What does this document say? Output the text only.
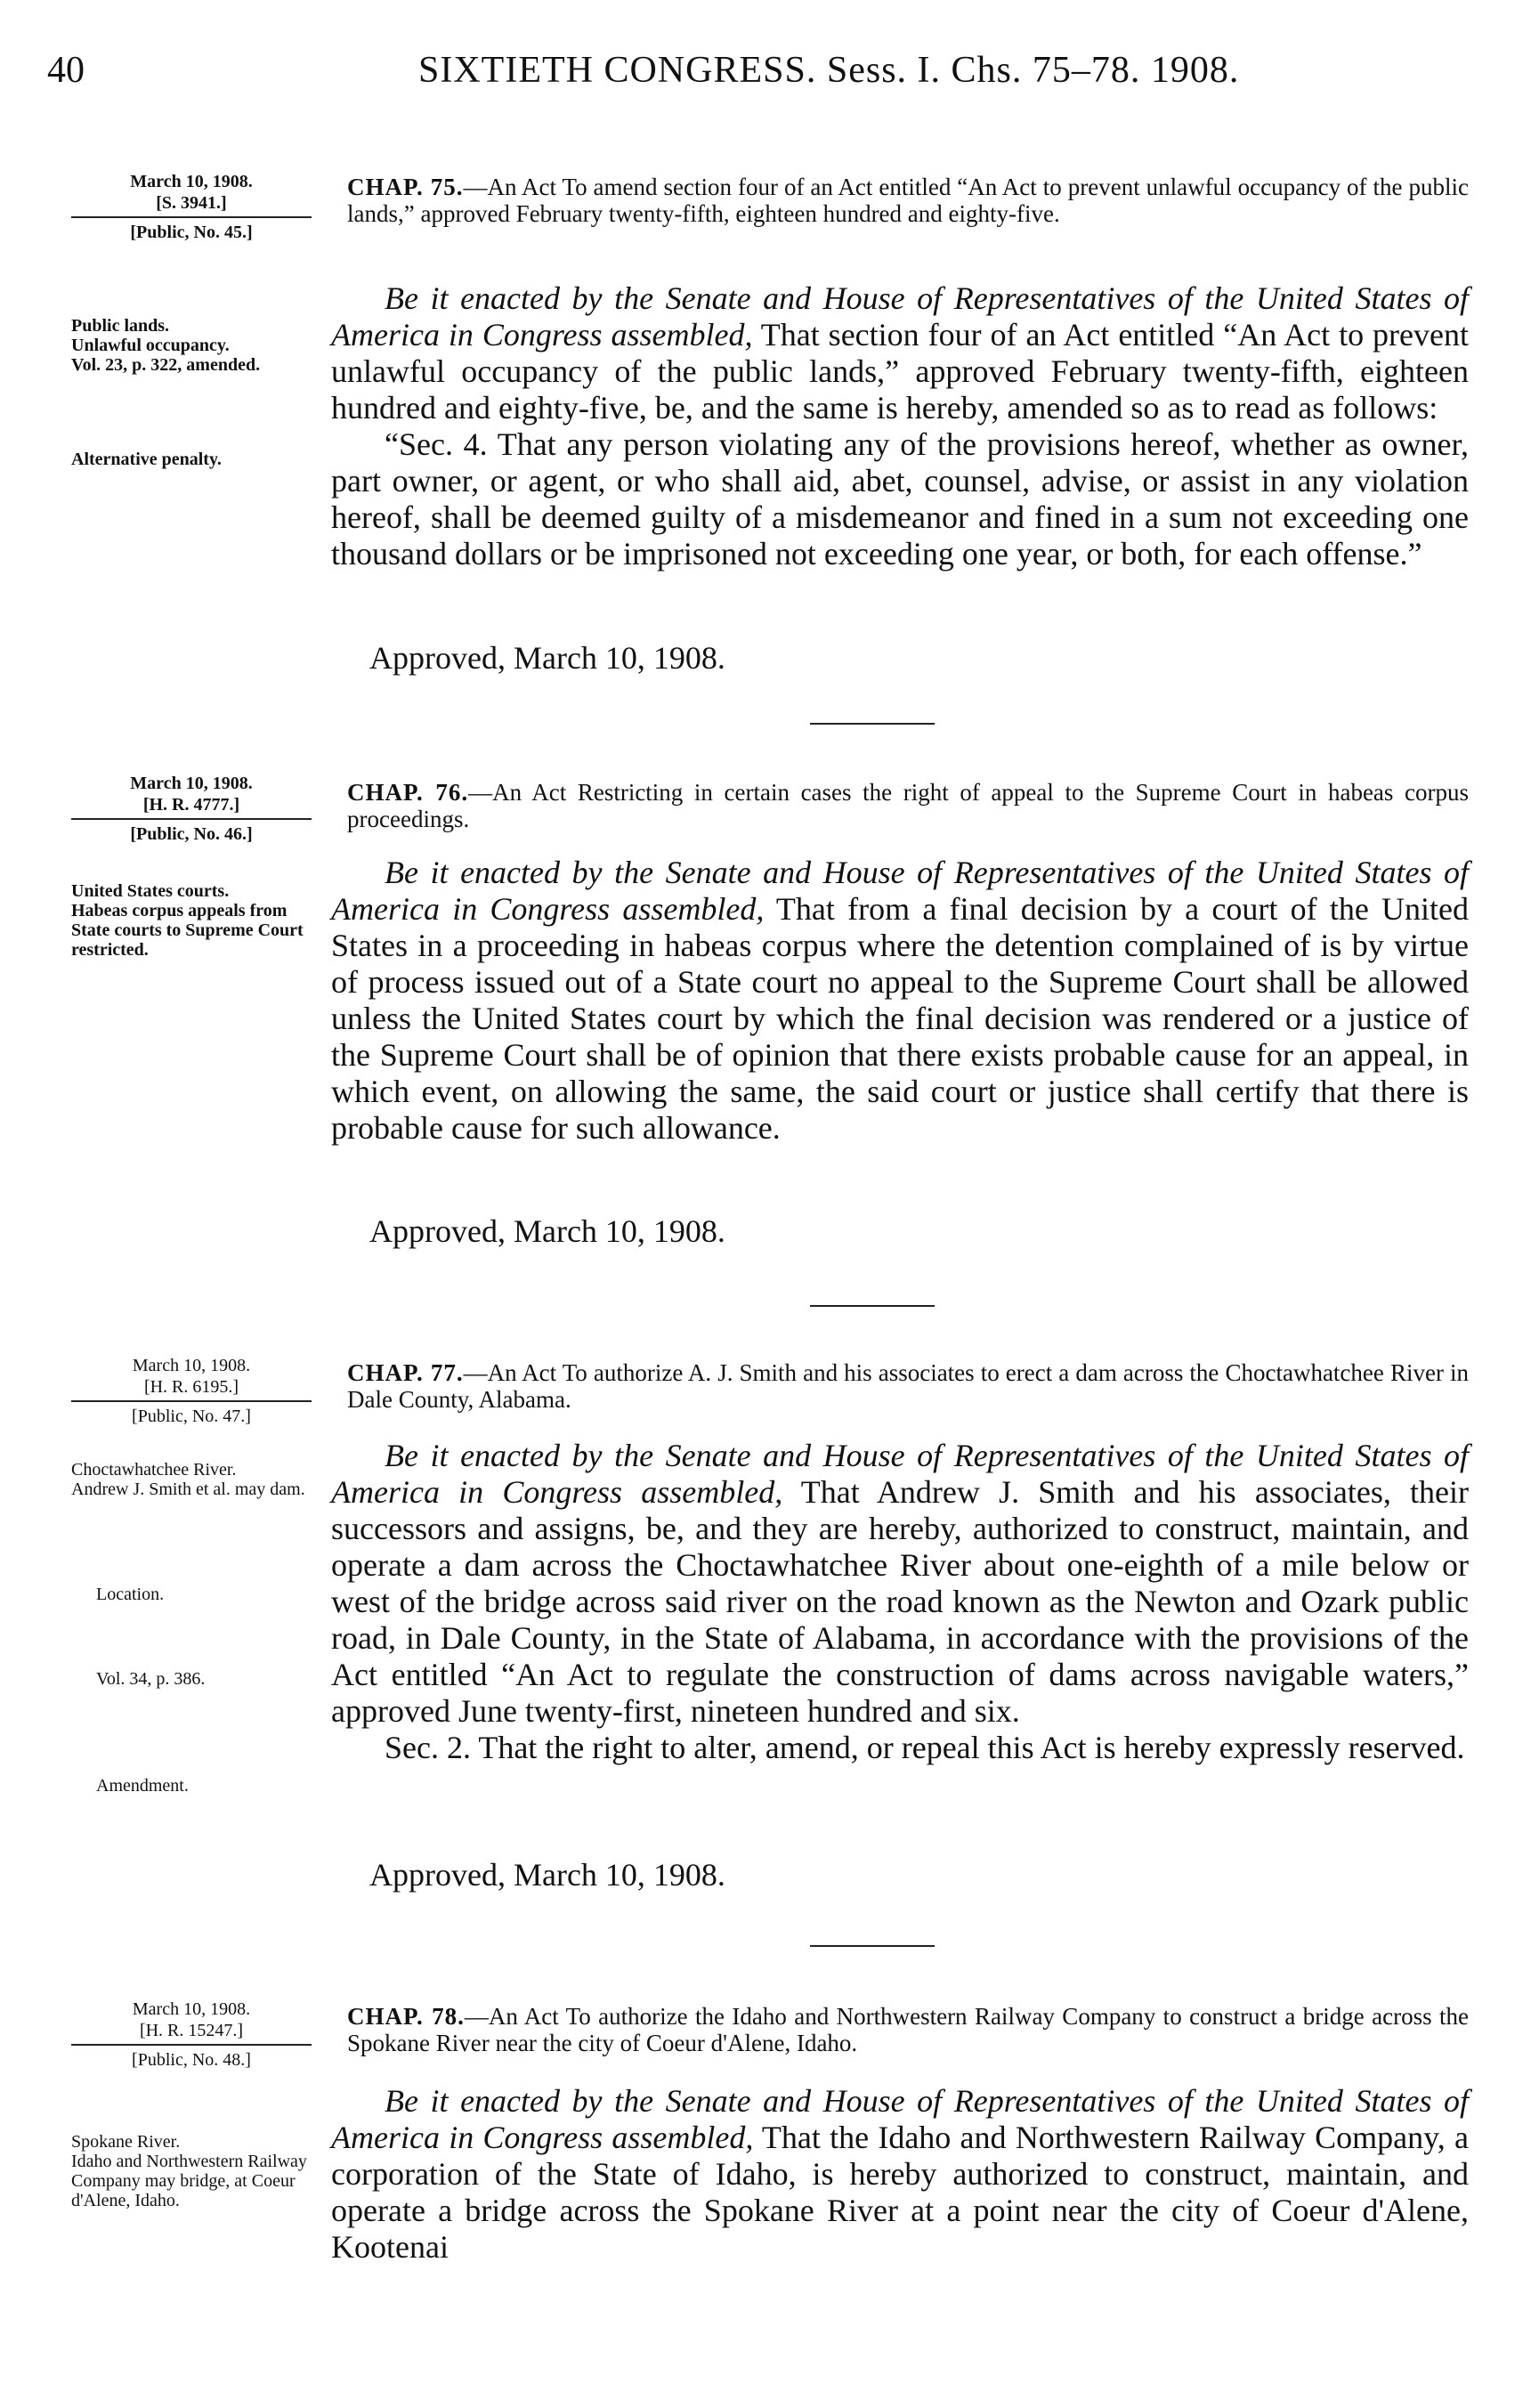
40	SIXTIETH CONGRESS. Sess. I. Chs. 75–78. 1908.
March 10, 1908.
[S. 3941.]
[Public, No. 45.]
Public lands.
Unlawful occupancy.
Vol. 23, p. 322, amended.
Alternative penalty.
CHAP. 75.—An Act To amend section four of an Act entitled “An Act to prevent unlawful occupancy of the public lands,” approved February twenty-fifth, eighteen hundred and eighty-five.

Be it enacted by the Senate and House of Representatives of the United States of America in Congress assembled, That section four of an Act entitled “An Act to prevent unlawful occupancy of the public lands,” approved February twenty-fifth, eighteen hundred and eighty-five, be, and the same is hereby, amended so as to read as follows:

“Sec. 4. That any person violating any of the provisions hereof, whether as owner, part owner, or agent, or who shall aid, abet, counsel, advise, or assist in any violation hereof, shall be deemed guilty of a misdemeanor and fined in a sum not exceeding one thousand dollars or be imprisoned not exceeding one year, or both, for each offense.”

Approved, March 10, 1908.
March 10, 1908.
[H. R. 4777.]
[Public, No. 46.]
United States courts.
Habeas corpus appeals from State courts to Supreme Court restricted.
CHAP. 76.—An Act Restricting in certain cases the right of appeal to the Supreme Court in habeas corpus proceedings.

Be it enacted by the Senate and House of Representatives of the United States of America in Congress assembled, That from a final decision by a court of the United States in a proceeding in habeas corpus where the detention complained of is by virtue of process issued out of a State court no appeal to the Supreme Court shall be allowed unless the United States court by which the final decision was rendered or a justice of the Supreme Court shall be of opinion that there exists probable cause for an appeal, in which event, on allowing the same, the said court or justice shall certify that there is probable cause for such allowance.

Approved, March 10, 1908.
March 10, 1908.
[H. R. 6195.]
[Public, No. 47.]
Choctawhatchee River.
Andrew J. Smith et al. may dam.
Location.
Vol. 34, p. 386.
Amendment.
CHAP. 77.—An Act To authorize A. J. Smith and his associates to erect a dam across the Choctawhatchee River in Dale County, Alabama.

Be it enacted by the Senate and House of Representatives of the United States of America in Congress assembled, That Andrew J. Smith and his associates, their successors and assigns, be, and they are hereby, authorized to construct, maintain, and operate a dam across the Choctawhatchee River about one-eighth of a mile below or west of the bridge across said river on the road known as the Newton and Ozark public road, in Dale County, in the State of Alabama, in accordance with the provisions of the Act entitled “An Act to regulate the construction of dams across navigable waters,” approved June twenty-first, nineteen hundred and six.

Sec. 2. That the right to alter, amend, or repeal this Act is hereby expressly reserved.

Approved, March 10, 1908.
March 10, 1908.
[H. R. 15247.]
[Public, No. 48.]
Spokane River.
Idaho and Northwestern Railway Company may bridge, at Coeur d'Alene, Idaho.
CHAP. 78.—An Act To authorize the Idaho and Northwestern Railway Company to construct a bridge across the Spokane River near the city of Coeur d'Alene, Idaho.

Be it enacted by the Senate and House of Representatives of the United States of America in Congress assembled, That the Idaho and Northwestern Railway Company, a corporation of the State of Idaho, is hereby authorized to construct, maintain, and operate a bridge across the Spokane River at a point near the city of Coeur d'Alene, Kootenai
